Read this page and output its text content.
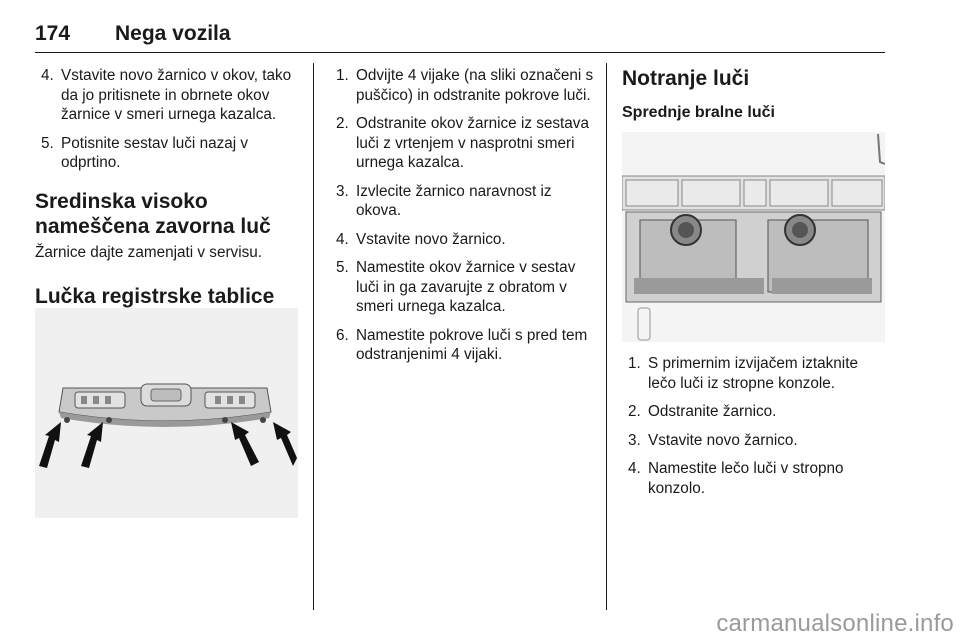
174 Nega vozila
4. Vstavite novo žarnico v okov, tako da jo pritisnete in obrnete okov žarnice v smeri urnega kazalca.
5. Potisnite sestav luči nazaj v odprtino.
Sredinska visoko nameščena zavorna luč

Žarnice dajte zamenjati v servisu.

Lučka registrske tablice
1. Odvijte 4 vijake (na sliki označeni s puščico) in odstranite pokrove luči.
2. Odstranite okov žarnice iz sestava luči z vrtenjem v nasprotni smeri urnega kazalca.
3. Izvlecite žarnico naravnost iz okova.
4. Vstavite novo žarnico.
5. Namestite okov žarnice v sestav luči in ga zavarujte z obratom v smeri urnega kazalca.
6. Namestite pokrove luči s pred tem odstranjenimi 4 vijaki.
Notranje luči
Sprednje bralne luči
1. S primernim izvijačem iztaknite lečo luči iz stropne konzole.
2. Odstranite žarnico.
3. Vstavite novo žarnico.
4. Namestite lečo luči v stropno konzolo.
carmanualsonline.info
